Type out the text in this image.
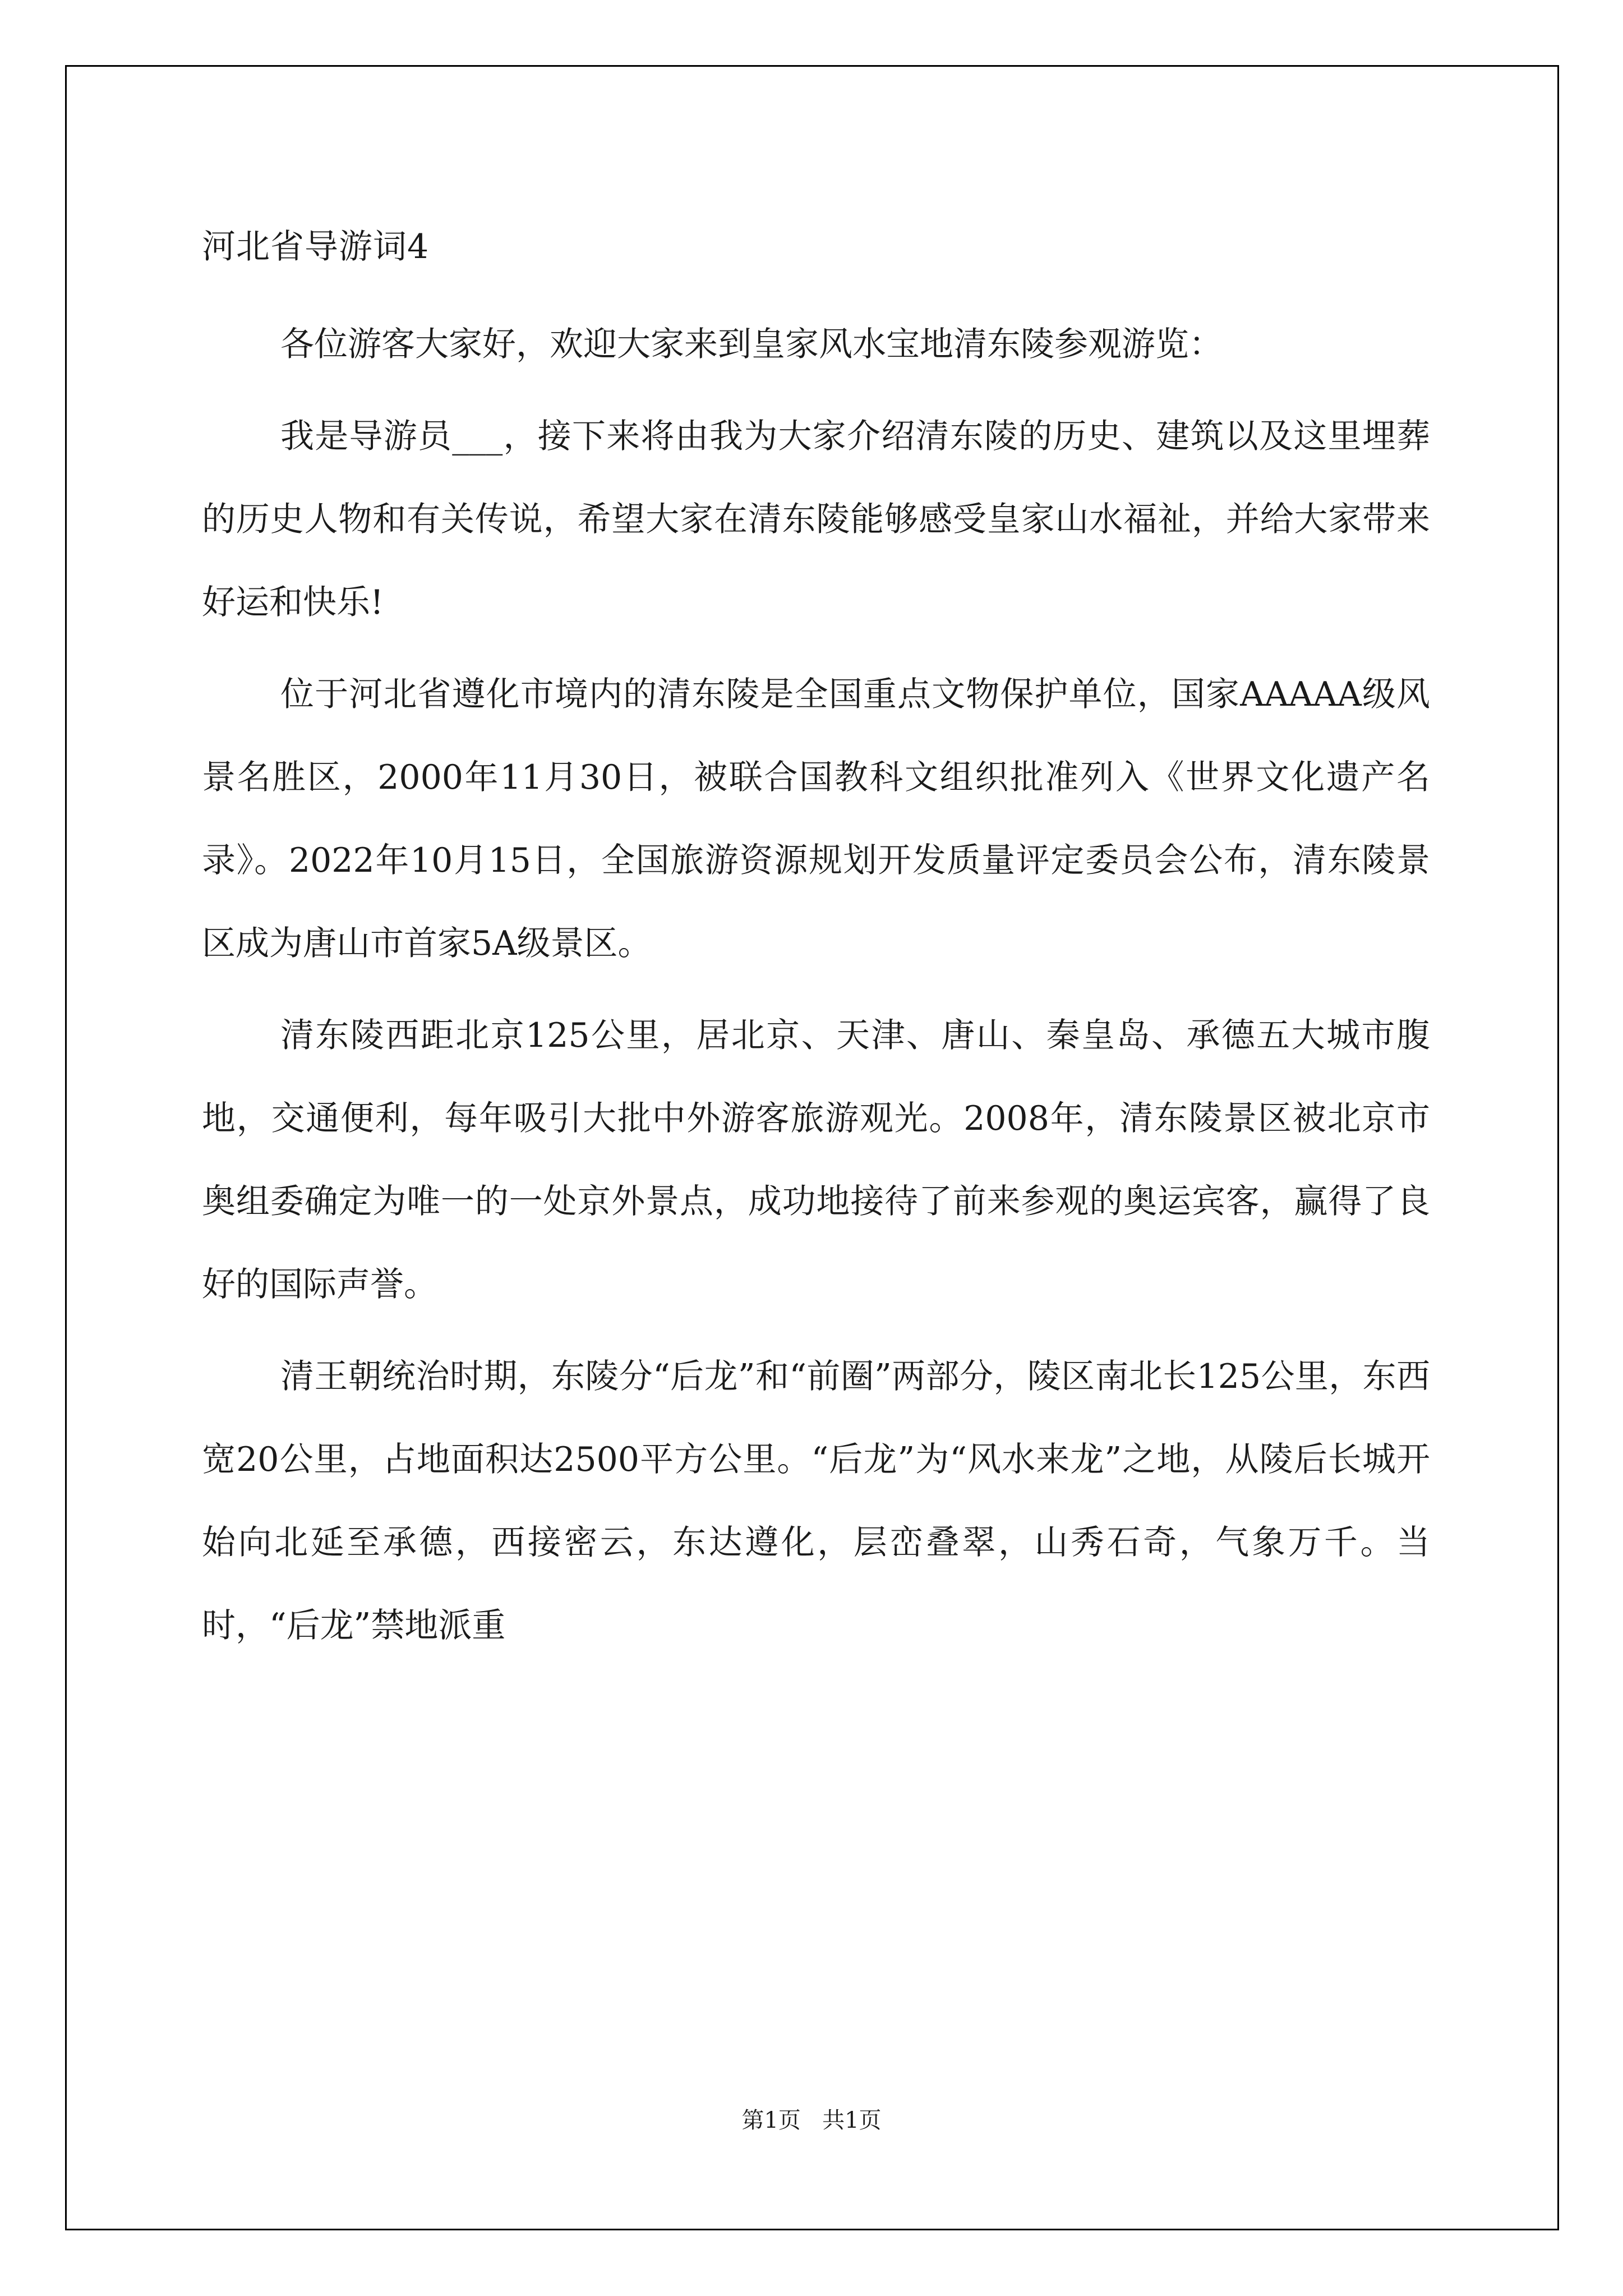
河北省导游词4

各位游客大家好，欢迎大家来到皇家风水宝地清东陵参观游览：

我是导游员___，接下来将由我为大家介绍清东陵的历史、建筑以及这里埋葬的历史人物和有关传说，希望大家在清东陵能够感受皇家山水福祉，并给大家带来好运和快乐!

位于河北省遵化市境内的清东陵是全国重点文物保护单位，国家AAAAA级风景名胜区，2000年11月30日，被联合国教科文组织批准列入《世界文化遗产名录》。2022年10月15日，全国旅游资源规划开发质量评定委员会公布，清东陵景区成为唐山市首家5A级景区。

清东陵西距北京125公里，居北京、天津、唐山、秦皇岛、承德五大城市腹地，交通便利，每年吸引大批中外游客旅游观光。2008年，清东陵景区被北京市奥组委确定为唯一的一处京外景点，成功地接待了前来参观的奥运宾客，赢得了良好的国际声誉。

清王朝统治时期，东陵分“后龙”和“前圈”两部分，陵区南北长125公里，东西宽20公里，占地面积达2500平方公里。“后龙”为“风水来龙”之地，从陵后长城开始向北延至承德，西接密云，东达遵化，层峦叠翠，山秀石奇，气象万千。当时，“后龙”禁地派重

第1页 共1页
